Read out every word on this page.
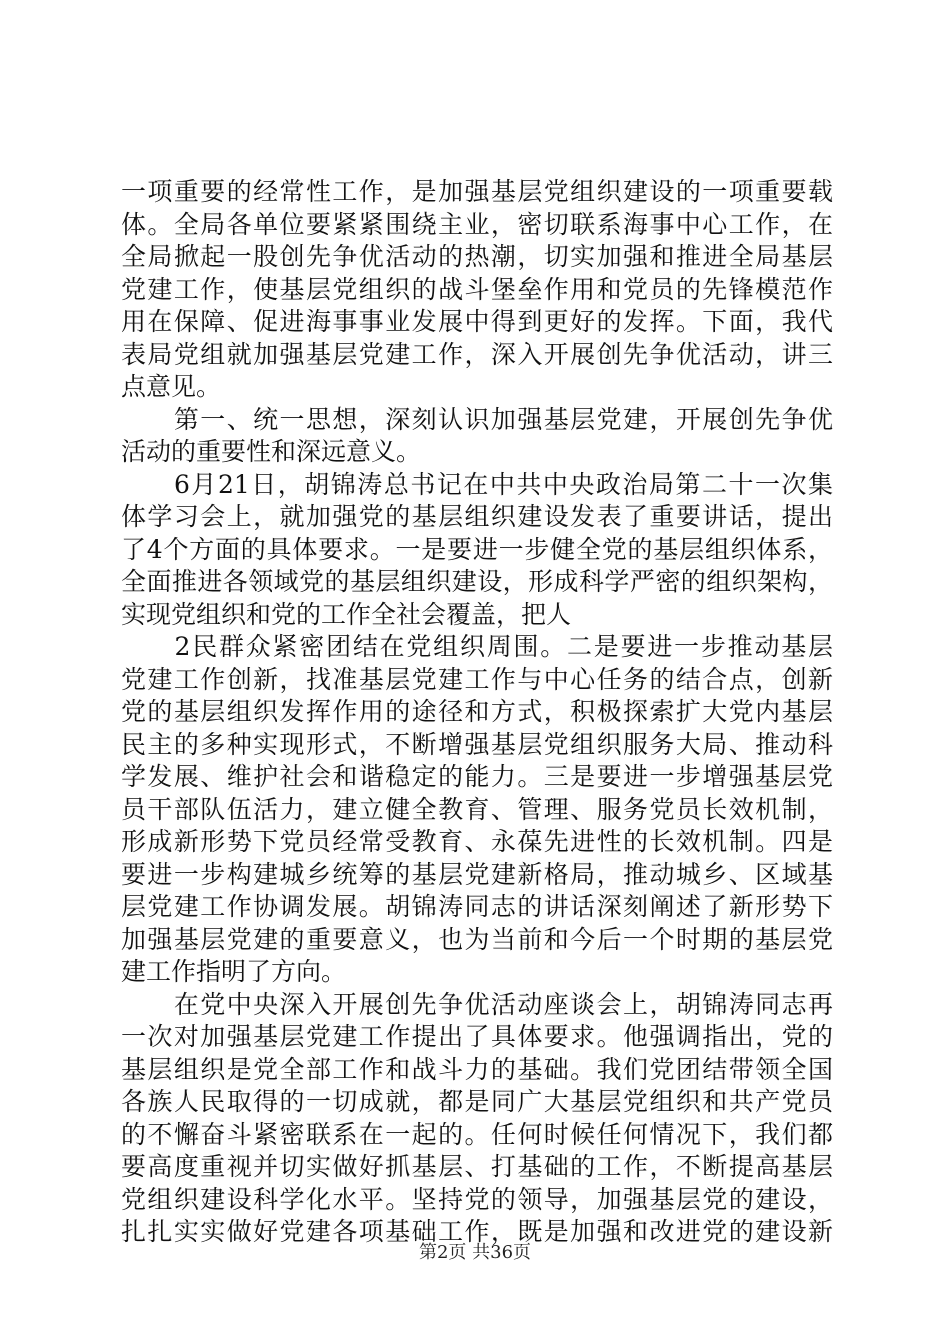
一项重要的经常性工作，是加强基层党组织建设的一项重要载
体。全局各单位要紧紧围绕主业，密切联系海事中心工作，在
全局掀起一股创先争优活动的热潮，切实加强和推进全局基层
党建工作，使基层党组织的战斗堡垒作用和党员的先锋模范作
用在保障、促进海事事业发展中得到更好的发挥。下面，我代
表局党组就加强基层党建工作，深入开展创先争优活动，讲三
点意见。
　　第一、统一思想，深刻认识加强基层党建，开展创先争优
活动的重要性和深远意义。
　　6月21日，胡锦涛总书记在中共中央政治局第二十一次集
体学习会上，就加强党的基层组织建设发表了重要讲话，提出
了4个方面的具体要求。一是要进一步健全党的基层组织体系，
全面推进各领域党的基层组织建设，形成科学严密的组织架构，
实现党组织和党的工作全社会覆盖，把人
　　2民群众紧密团结在党组织周围。二是要进一步推动基层
党建工作创新，找准基层党建工作与中心任务的结合点，创新
党的基层组织发挥作用的途径和方式，积极探索扩大党内基层
民主的多种实现形式，不断增强基层党组织服务大局、推动科
学发展、维护社会和谐稳定的能力。三是要进一步增强基层党
员干部队伍活力，建立健全教育、管理、服务党员长效机制，
形成新形势下党员经常受教育、永葆先进性的长效机制。四是
要进一步构建城乡统筹的基层党建新格局，推动城乡、区域基
层党建工作协调发展。胡锦涛同志的讲话深刻阐述了新形势下
加强基层党建的重要意义，也为当前和今后一个时期的基层党
建工作指明了方向。
　　在党中央深入开展创先争优活动座谈会上，胡锦涛同志再
一次对加强基层党建工作提出了具体要求。他强调指出，党的
基层组织是党全部工作和战斗力的基础。我们党团结带领全国
各族人民取得的一切成就，都是同广大基层党组织和共产党员
的不懈奋斗紧密联系在一起的。任何时候任何情况下，我们都
要高度重视并切实做好抓基层、打基础的工作，不断提高基层
党组织建设科学化水平。坚持党的领导，加强基层党的建设，
扎扎实实做好党建各项基础工作，既是加强和改进党的建设新
第2页 共36页
